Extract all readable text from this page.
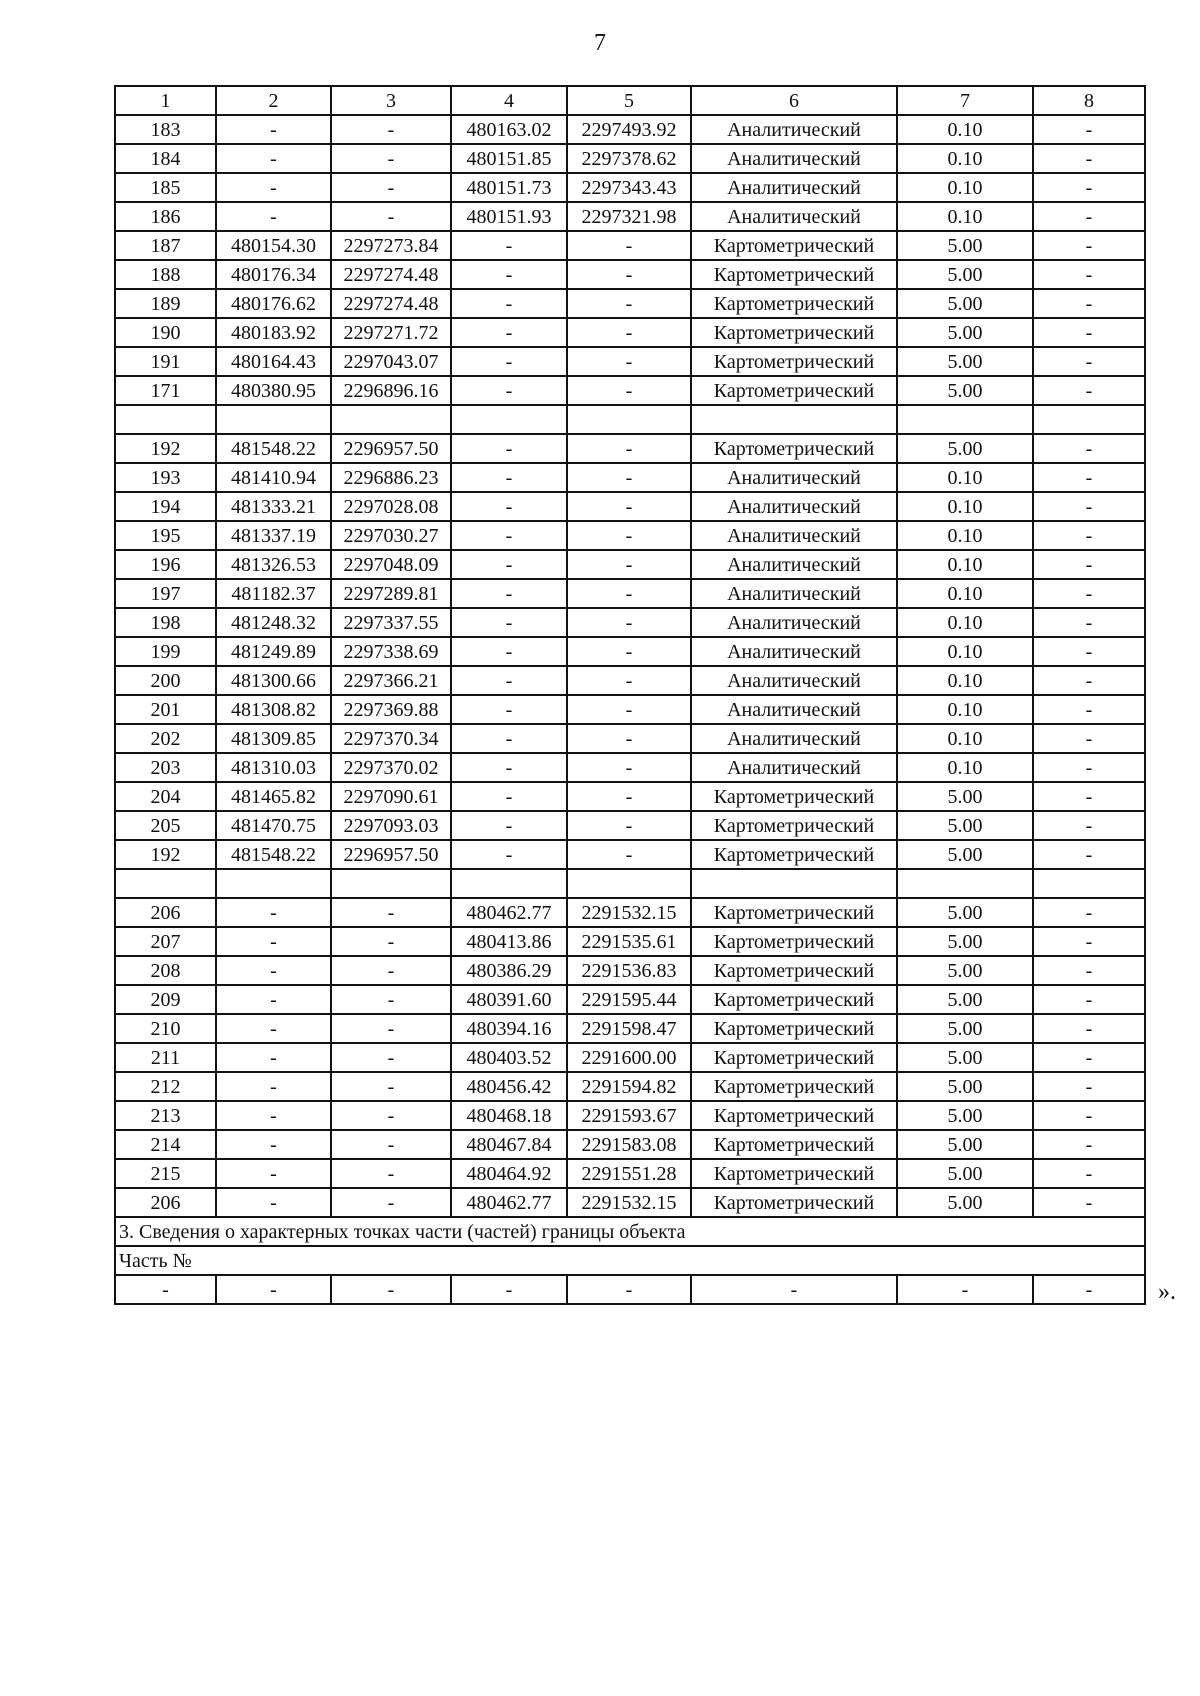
7
1	2	3	4	5	6	7	8
183	-	-	480163.02	2297493.92	Аналитический	0.10	-
184	-	-	480151.85	2297378.62	Аналитический	0.10	-
185	-	-	480151.73	2297343.43	Аналитический	0.10	-
186	-	-	480151.93	2297321.98	Аналитический	0.10	-
187	480154.30	2297273.84	-	-	Картометрический	5.00	-
188	480176.34	2297274.48	-	-	Картометрический	5.00	-
189	480176.62	2297274.48	-	-	Картометрический	5.00	-
190	480183.92	2297271.72	-	-	Картометрический	5.00	-
191	480164.43	2297043.07	-	-	Картометрический	5.00	-
171	480380.95	2296896.16	-	-	Картометрический	5.00	-

192	481548.22	2296957.50	-	-	Картометрический	5.00	-
193	481410.94	2296886.23	-	-	Аналитический	0.10	-
194	481333.21	2297028.08	-	-	Аналитический	0.10	-
195	481337.19	2297030.27	-	-	Аналитический	0.10	-
196	481326.53	2297048.09	-	-	Аналитический	0.10	-
197	481182.37	2297289.81	-	-	Аналитический	0.10	-
198	481248.32	2297337.55	-	-	Аналитический	0.10	-
199	481249.89	2297338.69	-	-	Аналитический	0.10	-
200	481300.66	2297366.21	-	-	Аналитический	0.10	-
201	481308.82	2297369.88	-	-	Аналитический	0.10	-
202	481309.85	2297370.34	-	-	Аналитический	0.10	-
203	481310.03	2297370.02	-	-	Аналитический	0.10	-
204	481465.82	2297090.61	-	-	Картометрический	5.00	-
205	481470.75	2297093.03	-	-	Картометрический	5.00	-
192	481548.22	2296957.50	-	-	Картометрический	5.00	-

206	-	-	480462.77	2291532.15	Картометрический	5.00	-
207	-	-	480413.86	2291535.61	Картометрический	5.00	-
208	-	-	480386.29	2291536.83	Картометрический	5.00	-
209	-	-	480391.60	2291595.44	Картометрический	5.00	-
210	-	-	480394.16	2291598.47	Картометрический	5.00	-
211	-	-	480403.52	2291600.00	Картометрический	5.00	-
212	-	-	480456.42	2291594.82	Картометрический	5.00	-
213	-	-	480468.18	2291593.67	Картометрический	5.00	-
214	-	-	480467.84	2291583.08	Картометрический	5.00	-
215	-	-	480464.92	2291551.28	Картометрический	5.00	-
206	-	-	480462.77	2291532.15	Картометрический	5.00	-
3. Сведения о характерных точках части (частей) границы объекта							
Часть №							
-	-	-	-	-	-	-	-	».
